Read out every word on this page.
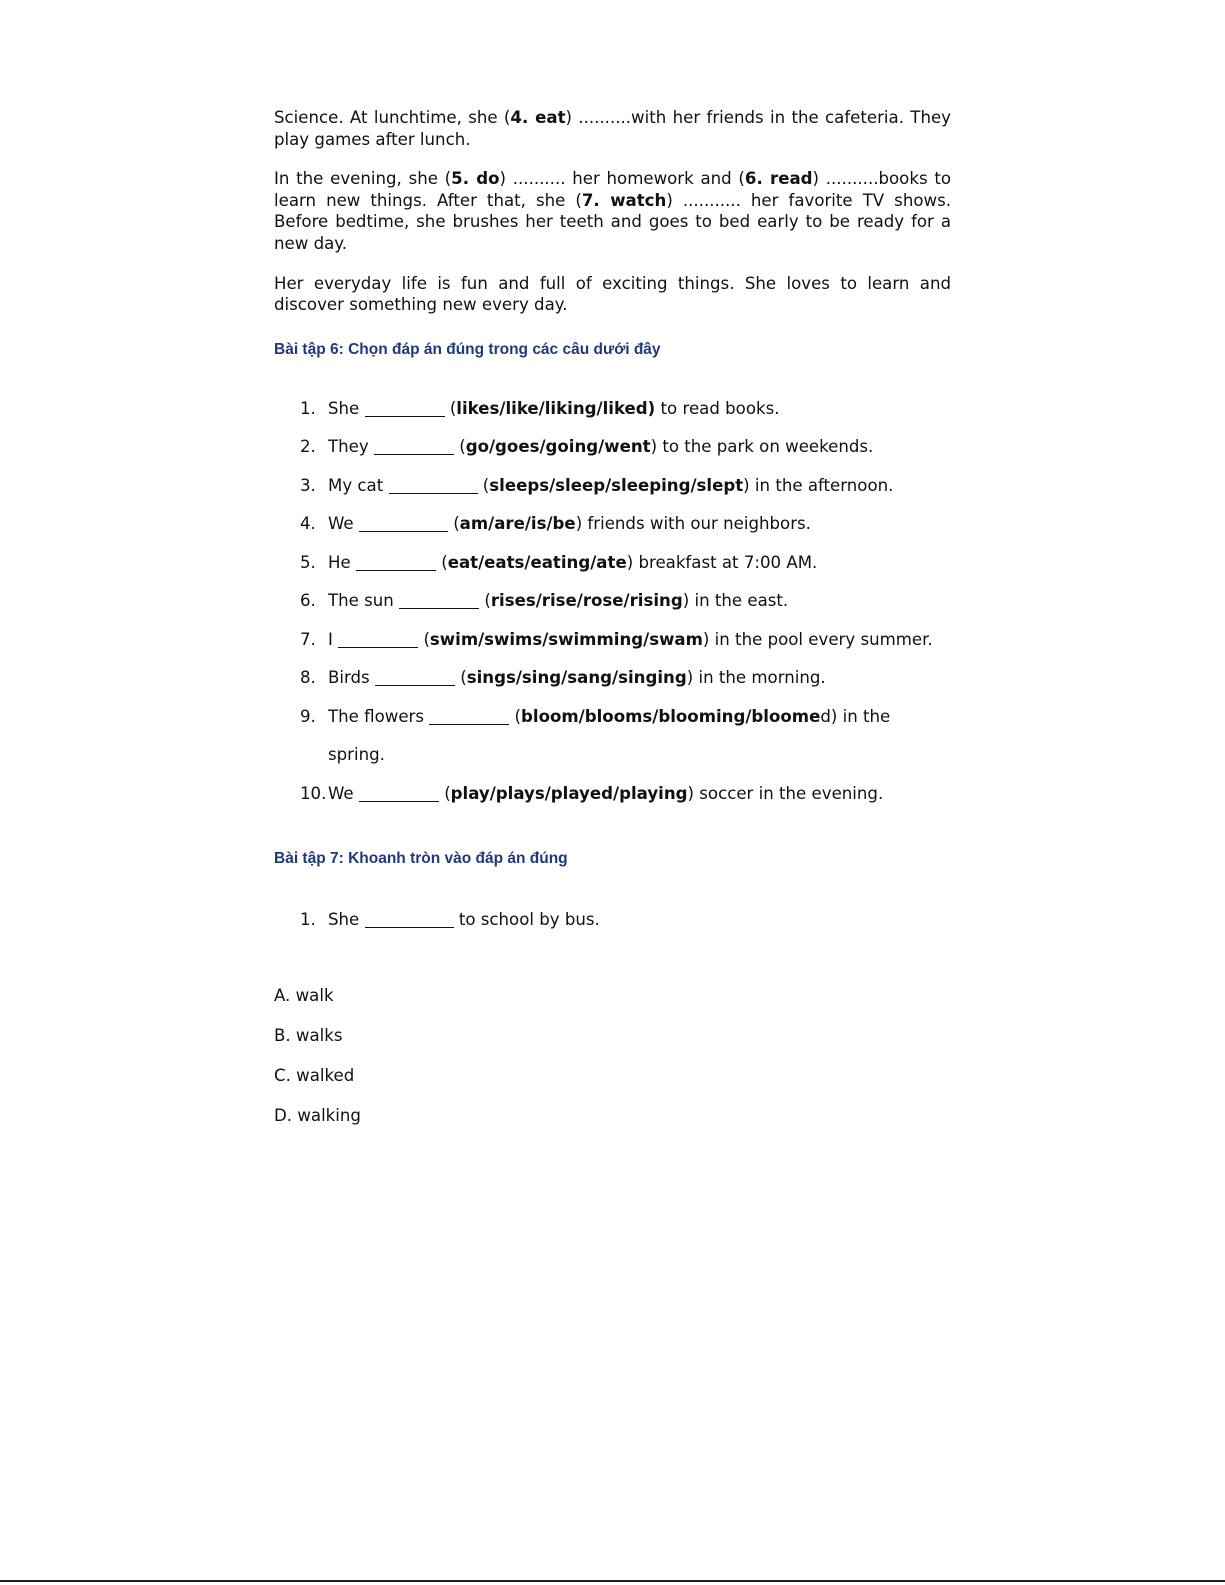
Science. At lunchtime, she (4. eat) ..........with her friends in the cafeteria. They play games after lunch.

In the evening, she (5. do) .......... her homework and (6. read) ..........books to learn new things. After that, she (7. watch) ........... her favorite TV shows. Before bedtime, she brushes her teeth and goes to bed early to be ready for a new day.

Her everyday life is fun and full of exciting things. She loves to learn and discover something new every day.

Bài tập 6: Chọn đáp án đúng trong các câu dưới đây
1. She	(likes/like/liking/liked) to read books.
2. They	(go/goes/going/went) to the park on weekends.
3. My cat	(sleeps/sleep/sleeping/slept) in the afternoon.
4. We	(am/are/is/be) friends with our neighbors.
5. He	(eat/eats/eating/ate) breakfast at 7:00 AM.
6. The sun	(rises/rise/rose/rising) in the east.
7. I	(swim/swims/swimming/swam) in the pool every summer.
8. Birds	(sings/sing/sang/singing) in the morning.
9. The flowers	(bloom/blooms/blooming/bloomed) in the spring.
10. We	(play/plays/played/playing) soccer in the evening.
Bài tập 7: Khoanh tròn vào đáp án đúng
1. She	to school by bus.
A. walk
B. walks
C. walked
D. walking
